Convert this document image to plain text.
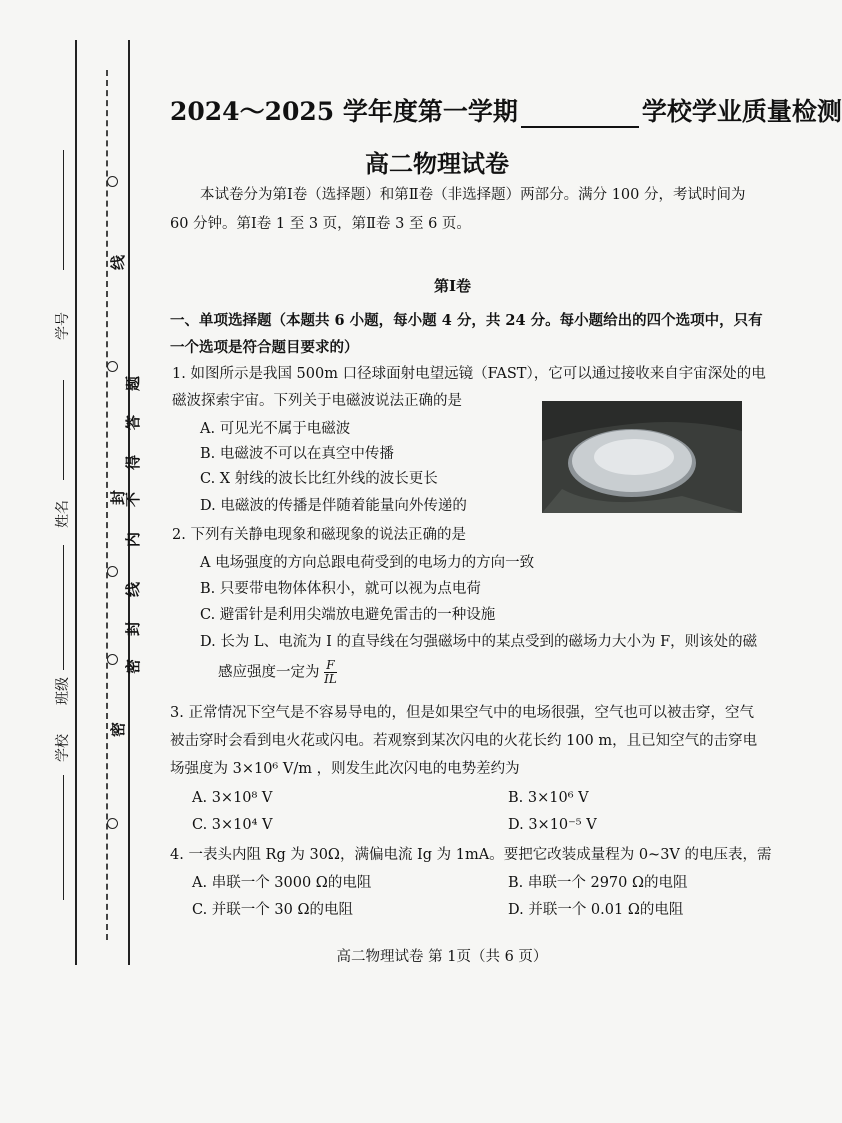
线
题
答
得
不
内
封
线
封
密
密
学号
姓名
班级
学校
2024～2025 学年度第一学期	学校学业质量检测
高二物理试卷
本试卷分为第Ⅰ卷（选择题）和第Ⅱ卷（非选择题）两部分。满分 100 分，考试时间为
60 分钟。第Ⅰ卷 1 至 3 页，第Ⅱ卷 3 至 6 页。
第Ⅰ卷
一、单项选择题（本题共 6 小题，每小题 4 分，共 24 分。每小题给出的四个选项中，只有
一个选项是符合题目要求的）
1. 如图所示是我国 500m 口径球面射电望远镜（FAST），它可以通过接收来自宇宙深处的电
磁波探索宇宙。下列关于电磁波说法正确的是
A. 可见光不属于电磁波
B. 电磁波不可以在真空中传播
C. X 射线的波长比红外线的波长更长
D. 电磁波的传播是伴随着能量向外传递的
2. 下列有关静电现象和磁现象的说法正确的是
A 电场强度的方向总跟电荷受到的电场力的方向一致
B. 只要带电物体体积小，就可以视为点电荷
C. 避雷针是利用尖端放电避免雷击的一种设施
D. 长为 L、电流为 I 的直导线在匀强磁场中的某点受到的磁场力大小为 F，则该处的磁
感应强度一定为 $\frac{F}{IL}$
3. 正常情况下空气是不容易导电的，但是如果空气中的电场很强，空气也可以被击穿，空气
被击穿时会看到电火花或闪电。若观察到某次闪电的火花长约 100 m，且已知空气的击穿电
场强度为 3×10⁶ V/m ，则发生此次闪电的电势差约为
A. 3×10⁸ V	B. 3×10⁶ V
C. 3×10⁴ V	D. 3×10⁻⁵ V
4. 一表头内阻 Rg 为 30Ω，满偏电流 Ig 为 1mA。要把它改装成量程为 0~3V 的电压表，需
A. 串联一个 3000 Ω的电阻	B. 串联一个 2970 Ω的电阻
C. 并联一个 30 Ω的电阻	D. 并联一个 0.01 Ω的电阻
高二物理试卷 第 1页（共 6 页）
